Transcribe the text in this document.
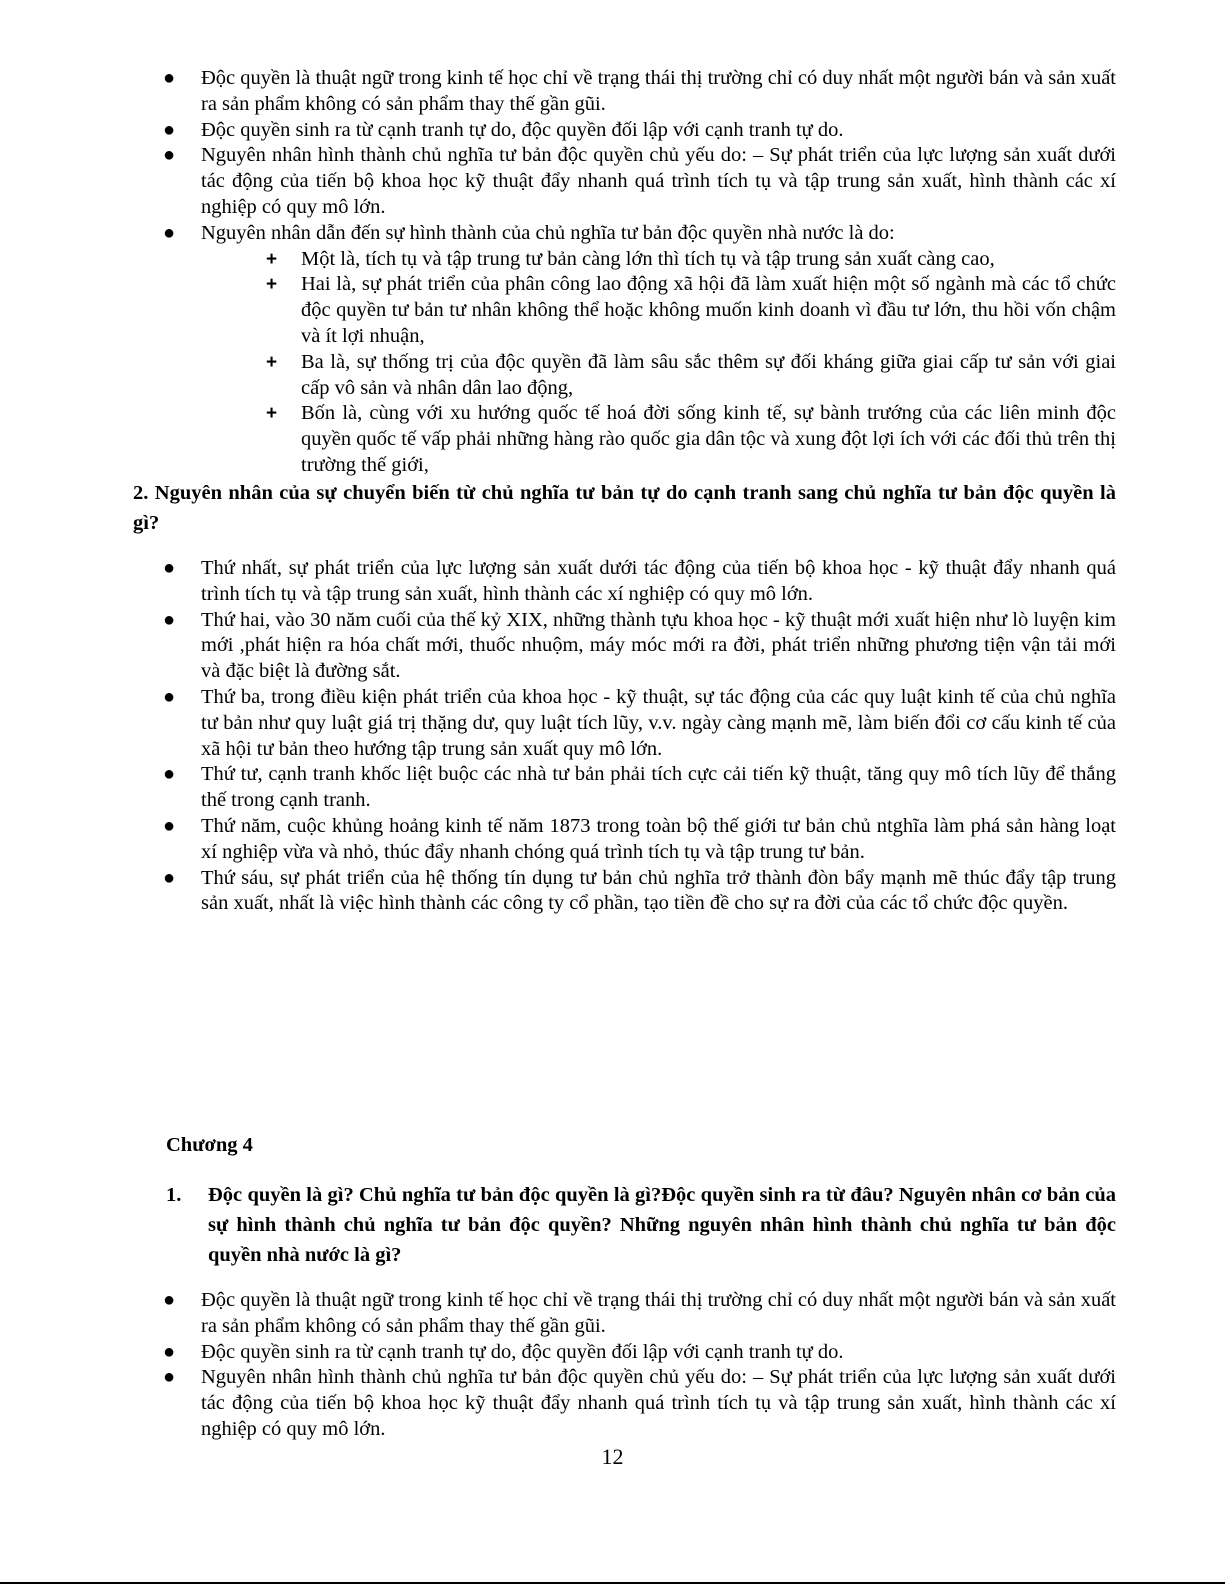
● Độc quyền là thuật ngữ trong kinh tế học chỉ về trạng thái thị trường chỉ có duy nhất một người bán và sản xuất ra sản phẩm không có sản phẩm thay thế gần gũi.
● Độc quyền sinh ra từ cạnh tranh tự do, độc quyền đối lập với cạnh tranh tự do.
● Nguyên nhân hình thành chủ nghĩa tư bản độc quyền chủ yếu do: – Sự phát triển của lực lượng sản xuất dưới tác động của tiến bộ khoa học kỹ thuật đẩy nhanh quá trình tích tụ và tập trung sản xuất, hình thành các xí nghiệp có quy mô lớn.
● Nguyên nhân dẫn đến sự hình thành của chủ nghĩa tư bản độc quyền nhà nước là do:
+ Một là, tích tụ và tập trung tư bản càng lớn thì tích tụ và tập trung sản xuất càng cao,
+ Hai là, sự phát triển của phân công lao động xã hội đã làm xuất hiện một số ngành mà các tổ chức độc quyền tư bản tư nhân không thể hoặc không muốn kinh doanh vì đầu tư lớn, thu hồi vốn chậm và ít lợi nhuận,
+ Ba là, sự thống trị của độc quyền đã làm sâu sắc thêm sự đối kháng giữa giai cấp tư sản với giai cấp vô sản và nhân dân lao động,
+ Bốn là, cùng với xu hướng quốc tế hoá đời sống kinh tế, sự bành trướng của các liên minh độc quyền quốc tế vấp phải những hàng rào quốc gia dân tộc và xung đột lợi ích với các đối thủ trên thị trường thế giới,

2. Nguyên nhân của sự chuyển biến từ chủ nghĩa tư bản tự do cạnh tranh sang chủ nghĩa tư bản độc quyền là gì?

● Thứ nhất, sự phát triển của lực lượng sản xuất dưới tác động của tiến bộ khoa học - kỹ thuật đẩy nhanh quá trình tích tụ và tập trung sản xuất, hình thành các xí nghiệp có quy mô lớn.
● Thứ hai, vào 30 năm cuối của thế kỷ XIX, những thành tựu khoa học - kỹ thuật mới xuất hiện như lò luyện kim mới ,phát hiện ra hóa chất mới, thuốc nhuộm, máy móc mới ra đời, phát triển những phương tiện vận tải mới và đặc biệt là đường sắt.
● Thứ ba, trong điều kiện phát triển của khoa học - kỹ thuật, sự tác động của các quy luật kinh tế của chủ nghĩa tư bản như quy luật giá trị thặng dư, quy luật tích lũy, v.v. ngày càng mạnh mẽ, làm biến đổi cơ cấu kinh tế của xã hội tư bản theo hướng tập trung sản xuất quy mô lớn.
● Thứ tư, cạnh tranh khốc liệt buộc các nhà tư bản phải tích cực cải tiến kỹ thuật, tăng quy mô tích lũy để thắng thế trong cạnh tranh.
● Thứ năm, cuộc khủng hoảng kinh tế năm 1873 trong toàn bộ thế giới tư bản chủ ntghĩa làm phá sản hàng loạt xí nghiệp vừa và nhỏ, thúc đẩy nhanh chóng quá trình tích tụ và tập trung tư bản.
● Thứ sáu, sự phát triển của hệ thống tín dụng tư bản chủ nghĩa trở thành đòn bẩy mạnh mẽ thúc đẩy tập trung sản xuất, nhất là việc hình thành các công ty cổ phần, tạo tiền đề cho sự ra đời của các tổ chức độc quyền.

Chương 4

1. Độc quyền là gì? Chủ nghĩa tư bản độc quyền là gì?Độc quyền sinh ra từ đâu? Nguyên nhân cơ bản của sự hình thành chủ nghĩa tư bản độc quyền? Những nguyên nhân hình thành chủ nghĩa tư bản độc quyền nhà nước là gì?

● Độc quyền là thuật ngữ trong kinh tế học chỉ về trạng thái thị trường chỉ có duy nhất một người bán và sản xuất ra sản phẩm không có sản phẩm thay thế gần gũi.
● Độc quyền sinh ra từ cạnh tranh tự do, độc quyền đối lập với cạnh tranh tự do.
● Nguyên nhân hình thành chủ nghĩa tư bản độc quyền chủ yếu do: – Sự phát triển của lực lượng sản xuất dưới tác động của tiến bộ khoa học kỹ thuật đẩy nhanh quá trình tích tụ và tập trung sản xuất, hình thành các xí nghiệp có quy mô lớn.
12
